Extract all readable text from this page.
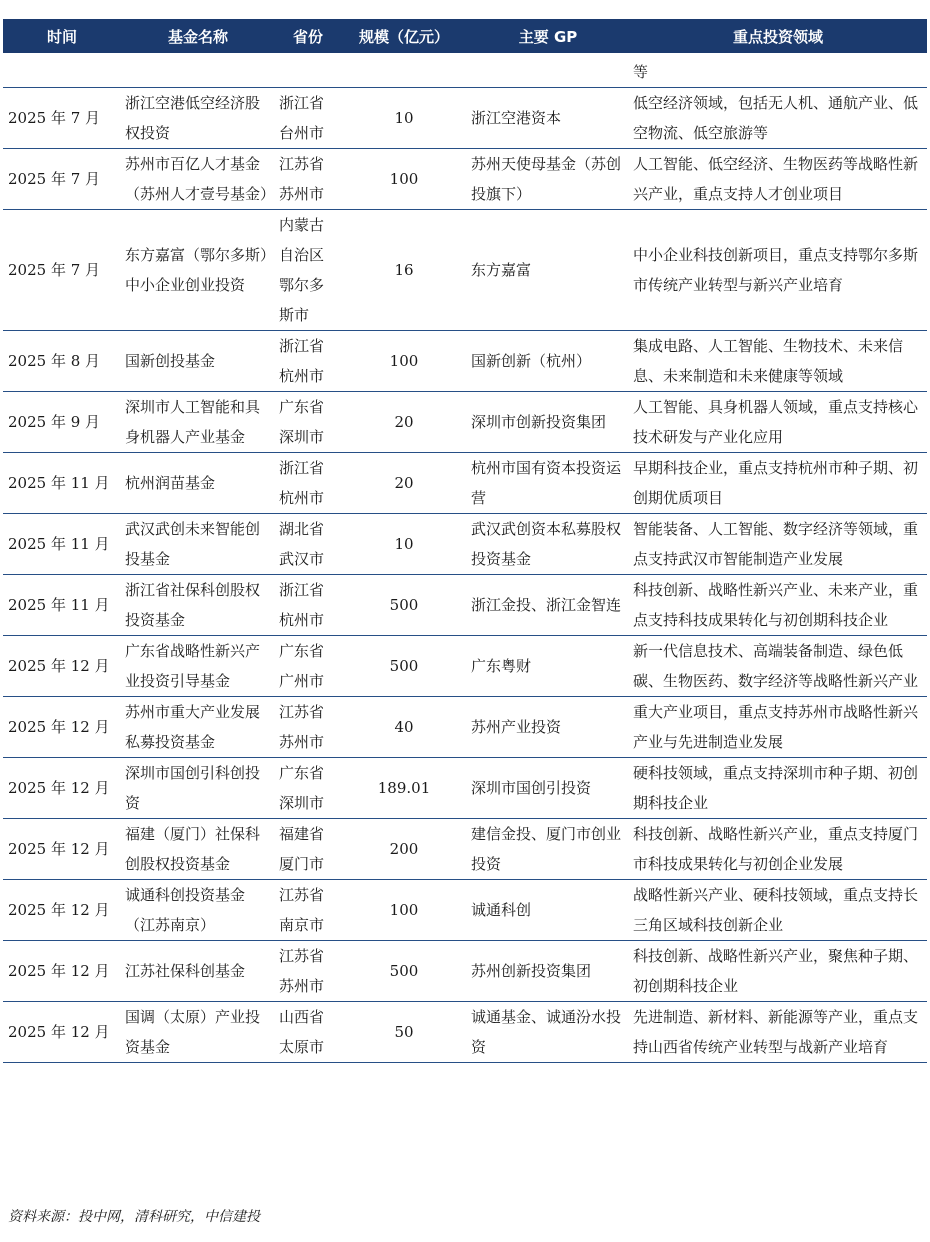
时间	基金名称	省份	规模（亿元）	主要 GP	重点投资领域
					等
2025 年 7 月	浙江空港低空经济股权投资	浙江省台州市	10	浙江空港资本	低空经济领域，包括无人机、通航产业、低空物流、低空旅游等
2025 年 7 月	苏州市百亿人才基金（苏州人才壹号基金）	江苏省苏州市	100	苏州天使母基金（苏创投旗下）	人工智能、低空经济、生物医药等战略性新兴产业，重点支持人才创业项目
2025 年 7 月	东方嘉富（鄂尔多斯）中小企业创业投资	内蒙古自治区鄂尔多斯市	16	东方嘉富	中小企业科技创新项目，重点支持鄂尔多斯市传统产业转型与新兴产业培育
2025 年 8 月	国新创投基金	浙江省杭州市	100	国新创新（杭州）	集成电路、人工智能、生物技术、未来信息、未来制造和未来健康等领域
2025 年 9 月	深圳市人工智能和具身机器人产业基金	广东省深圳市	20	深圳市创新投资集团	人工智能、具身机器人领域，重点支持核心技术研发与产业化应用
2025 年 11 月	杭州润苗基金	浙江省杭州市	20	杭州市国有资本投资运营	早期科技企业，重点支持杭州市种子期、初创期优质项目
2025 年 11 月	武汉武创未来智能创投基金	湖北省武汉市	10	武汉武创资本私募股权投资基金	智能装备、人工智能、数字经济等领域，重点支持武汉市智能制造产业发展
2025 年 11 月	浙江省社保科创股权投资基金	浙江省杭州市	500	浙江金投、浙江金智连	科技创新、战略性新兴产业、未来产业，重点支持科技成果转化与初创期科技企业
2025 年 12 月	广东省战略性新兴产业投资引导基金	广东省广州市	500	广东粤财	新一代信息技术、高端装备制造、绿色低碳、生物医药、数字经济等战略性新兴产业
2025 年 12 月	苏州市重大产业发展私募投资基金	江苏省苏州市	40	苏州产业投资	重大产业项目，重点支持苏州市战略性新兴产业与先进制造业发展
2025 年 12 月	深圳市国创引科创投资	广东省深圳市	189.01	深圳市国创引投资	硬科技领域，重点支持深圳市种子期、初创期科技企业
2025 年 12 月	福建（厦门）社保科创股权投资基金	福建省厦门市	200	建信金投、厦门市创业投资	科技创新、战略性新兴产业，重点支持厦门市科技成果转化与初创企业发展
2025 年 12 月	诚通科创投资基金（江苏南京）	江苏省南京市	100	诚通科创	战略性新兴产业、硬科技领域，重点支持长三角区域科技创新企业
2025 年 12 月	江苏社保科创基金	江苏省苏州市	500	苏州创新投资集团	科技创新、战略性新兴产业，聚焦种子期、初创期科技企业
2025 年 12 月	国调（太原）产业投资基金	山西省太原市	50	诚通基金、诚通汾水投资	先进制造、新材料、新能源等产业，重点支持山西省传统产业转型与战新产业培育
资料来源：投中网，清科研究，中信建投
